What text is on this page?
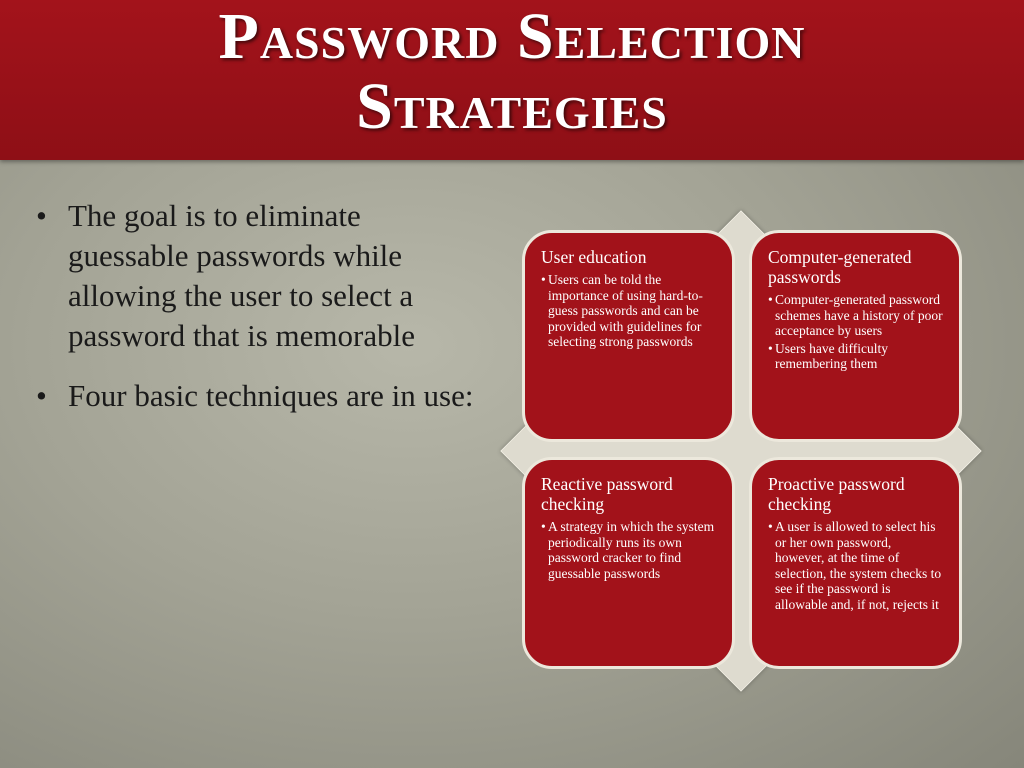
Password Selection
Strategies
• The goal is to eliminate guessable passwords while allowing the user to select a password that is memorable
• Four basic techniques are in use:
User education
• Users can be told the importance of using hard-to-guess passwords and can be provided with guidelines for selecting strong passwords
Computer-generated passwords
• Computer-generated password schemes have a history of poor acceptance by users
• Users have difficulty remembering them
Reactive password checking
• A strategy in which the system periodically runs its own password cracker to find guessable passwords
Proactive password checking
• A user is allowed to select his or her own password, however, at the time of selection, the system checks to see if the password is allowable and, if not, rejects it
